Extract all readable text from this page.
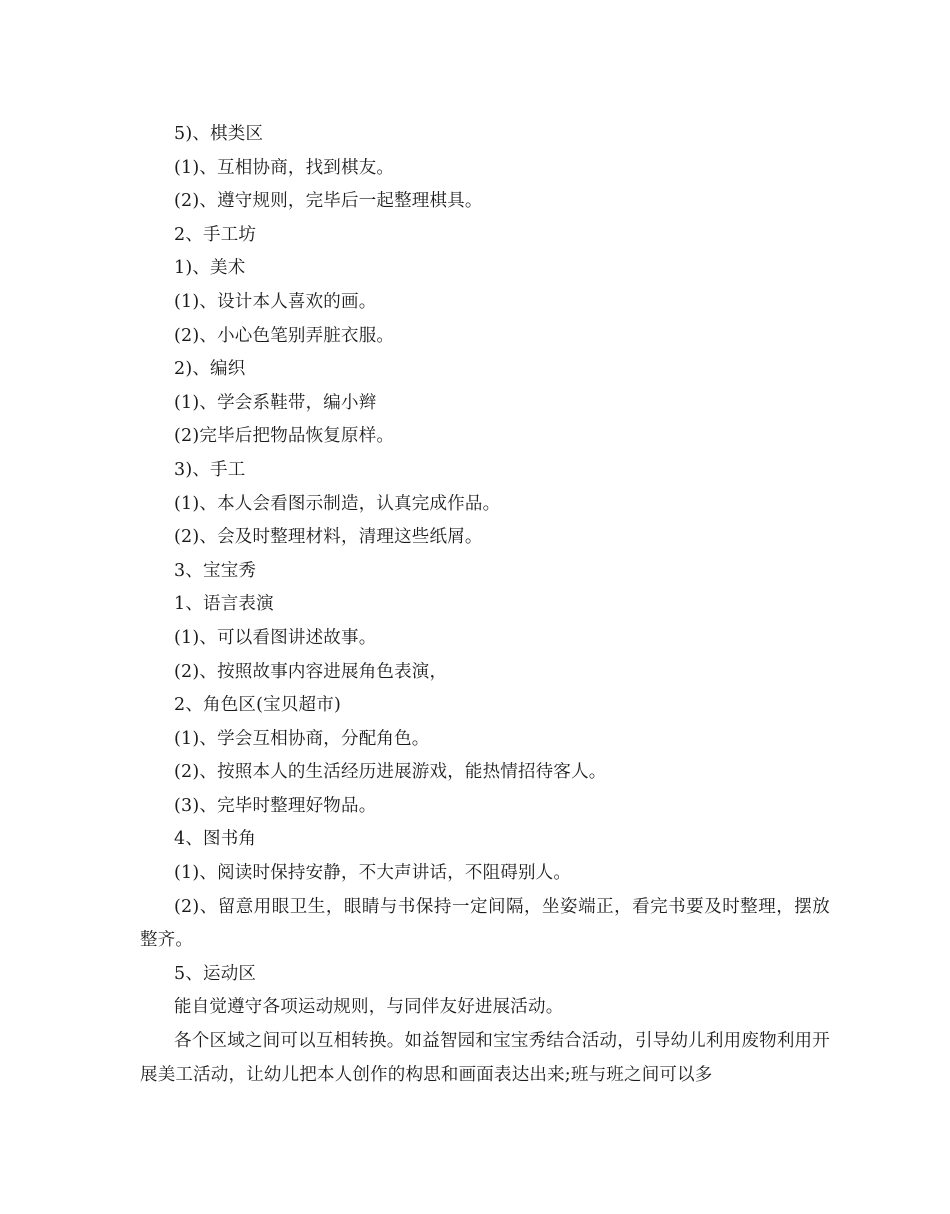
5)、棋类区
(1)、互相协商，找到棋友。
(2)、遵守规则，完毕后一起整理棋具。
2、手工坊
1)、美术
(1)、设计本人喜欢的画。
(2)、小心色笔别弄脏衣服。
2)、编织
(1)、学会系鞋带，编小辫
(2)完毕后把物品恢复原样。
3)、手工
(1)、本人会看图示制造，认真完成作品。
(2)、会及时整理材料，清理这些纸屑。
3、宝宝秀
1、语言表演
(1)、可以看图讲述故事。
(2)、按照故事内容进展角色表演，
2、角色区(宝贝超市)
(1)、学会互相协商，分配角色。
(2)、按照本人的生活经历进展游戏，能热情招待客人。
(3)、完毕时整理好物品。
4、图书角
(1)、阅读时保持安静，不大声讲话，不阻碍别人。
(2)、留意用眼卫生，眼睛与书保持一定间隔，坐姿端正，看完书要及时整理，摆放整齐。
5、运动区
能自觉遵守各项运动规则，与同伴友好进展活动。
各个区域之间可以互相转换。如益智园和宝宝秀结合活动，引导幼儿利用废物利用开展美工活动，让幼儿把本人创作的构思和画面表达出来;班与班之间可以多
